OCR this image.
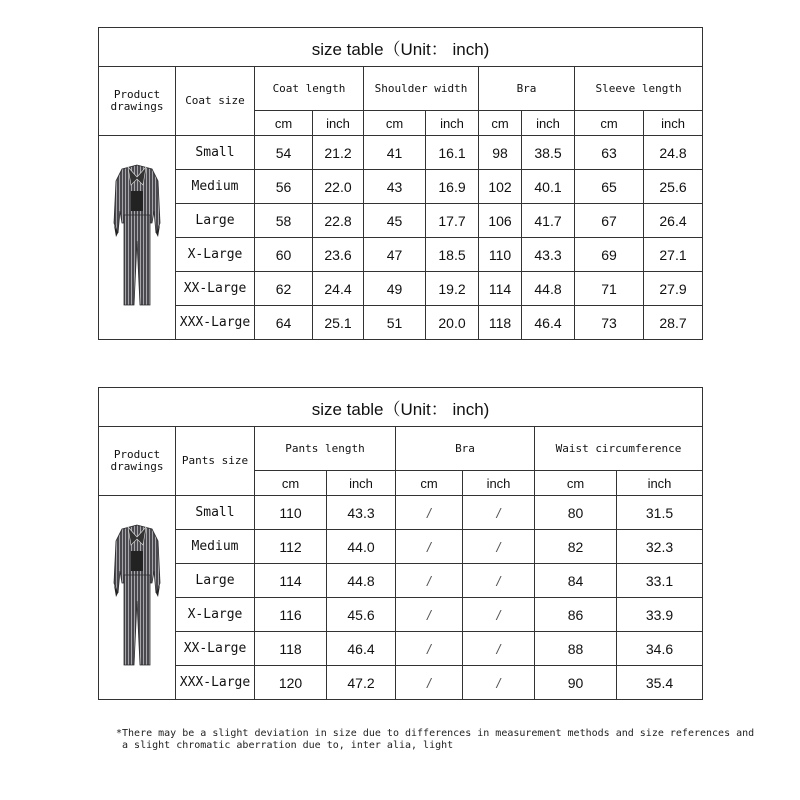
size table（Unit： inch)									
Product drawings	Coat size	Coat length		Shoulder width		Bra		Sleeve length	
		cm	inch	cm	inch	cm	inch	cm	inch
	Small	54	21.2	41	16.1	98	38.5	63	24.8
	Medium	56	22.0	43	16.9	102	40.1	65	25.6
	Large	58	22.8	45	17.7	106	41.7	67	26.4
	X-Large	60	23.6	47	18.5	110	43.3	69	27.1
	XX-Large	62	24.4	49	19.2	114	44.8	71	27.9
	XXX-Large	64	25.1	51	20.0	118	46.4	73	28.7
size table（Unit： inch)							
Product drawings	Pants size	Pants length		Bra		Waist circumference	
		cm	inch	cm	inch	cm	inch
	Small	110	43.3	/	/	80	31.5
	Medium	112	44.0	/	/	82	32.3
	Large	114	44.8	/	/	84	33.1
	X-Large	116	45.6	/	/	86	33.9
	XX-Large	118	46.4	/	/	88	34.6
	XXX-Large	120	47.2	/	/	90	35.4
*There may be a slight deviation in size due to differences in measurement methods and size references and
a slight chromatic aberration due to, inter alia, light
